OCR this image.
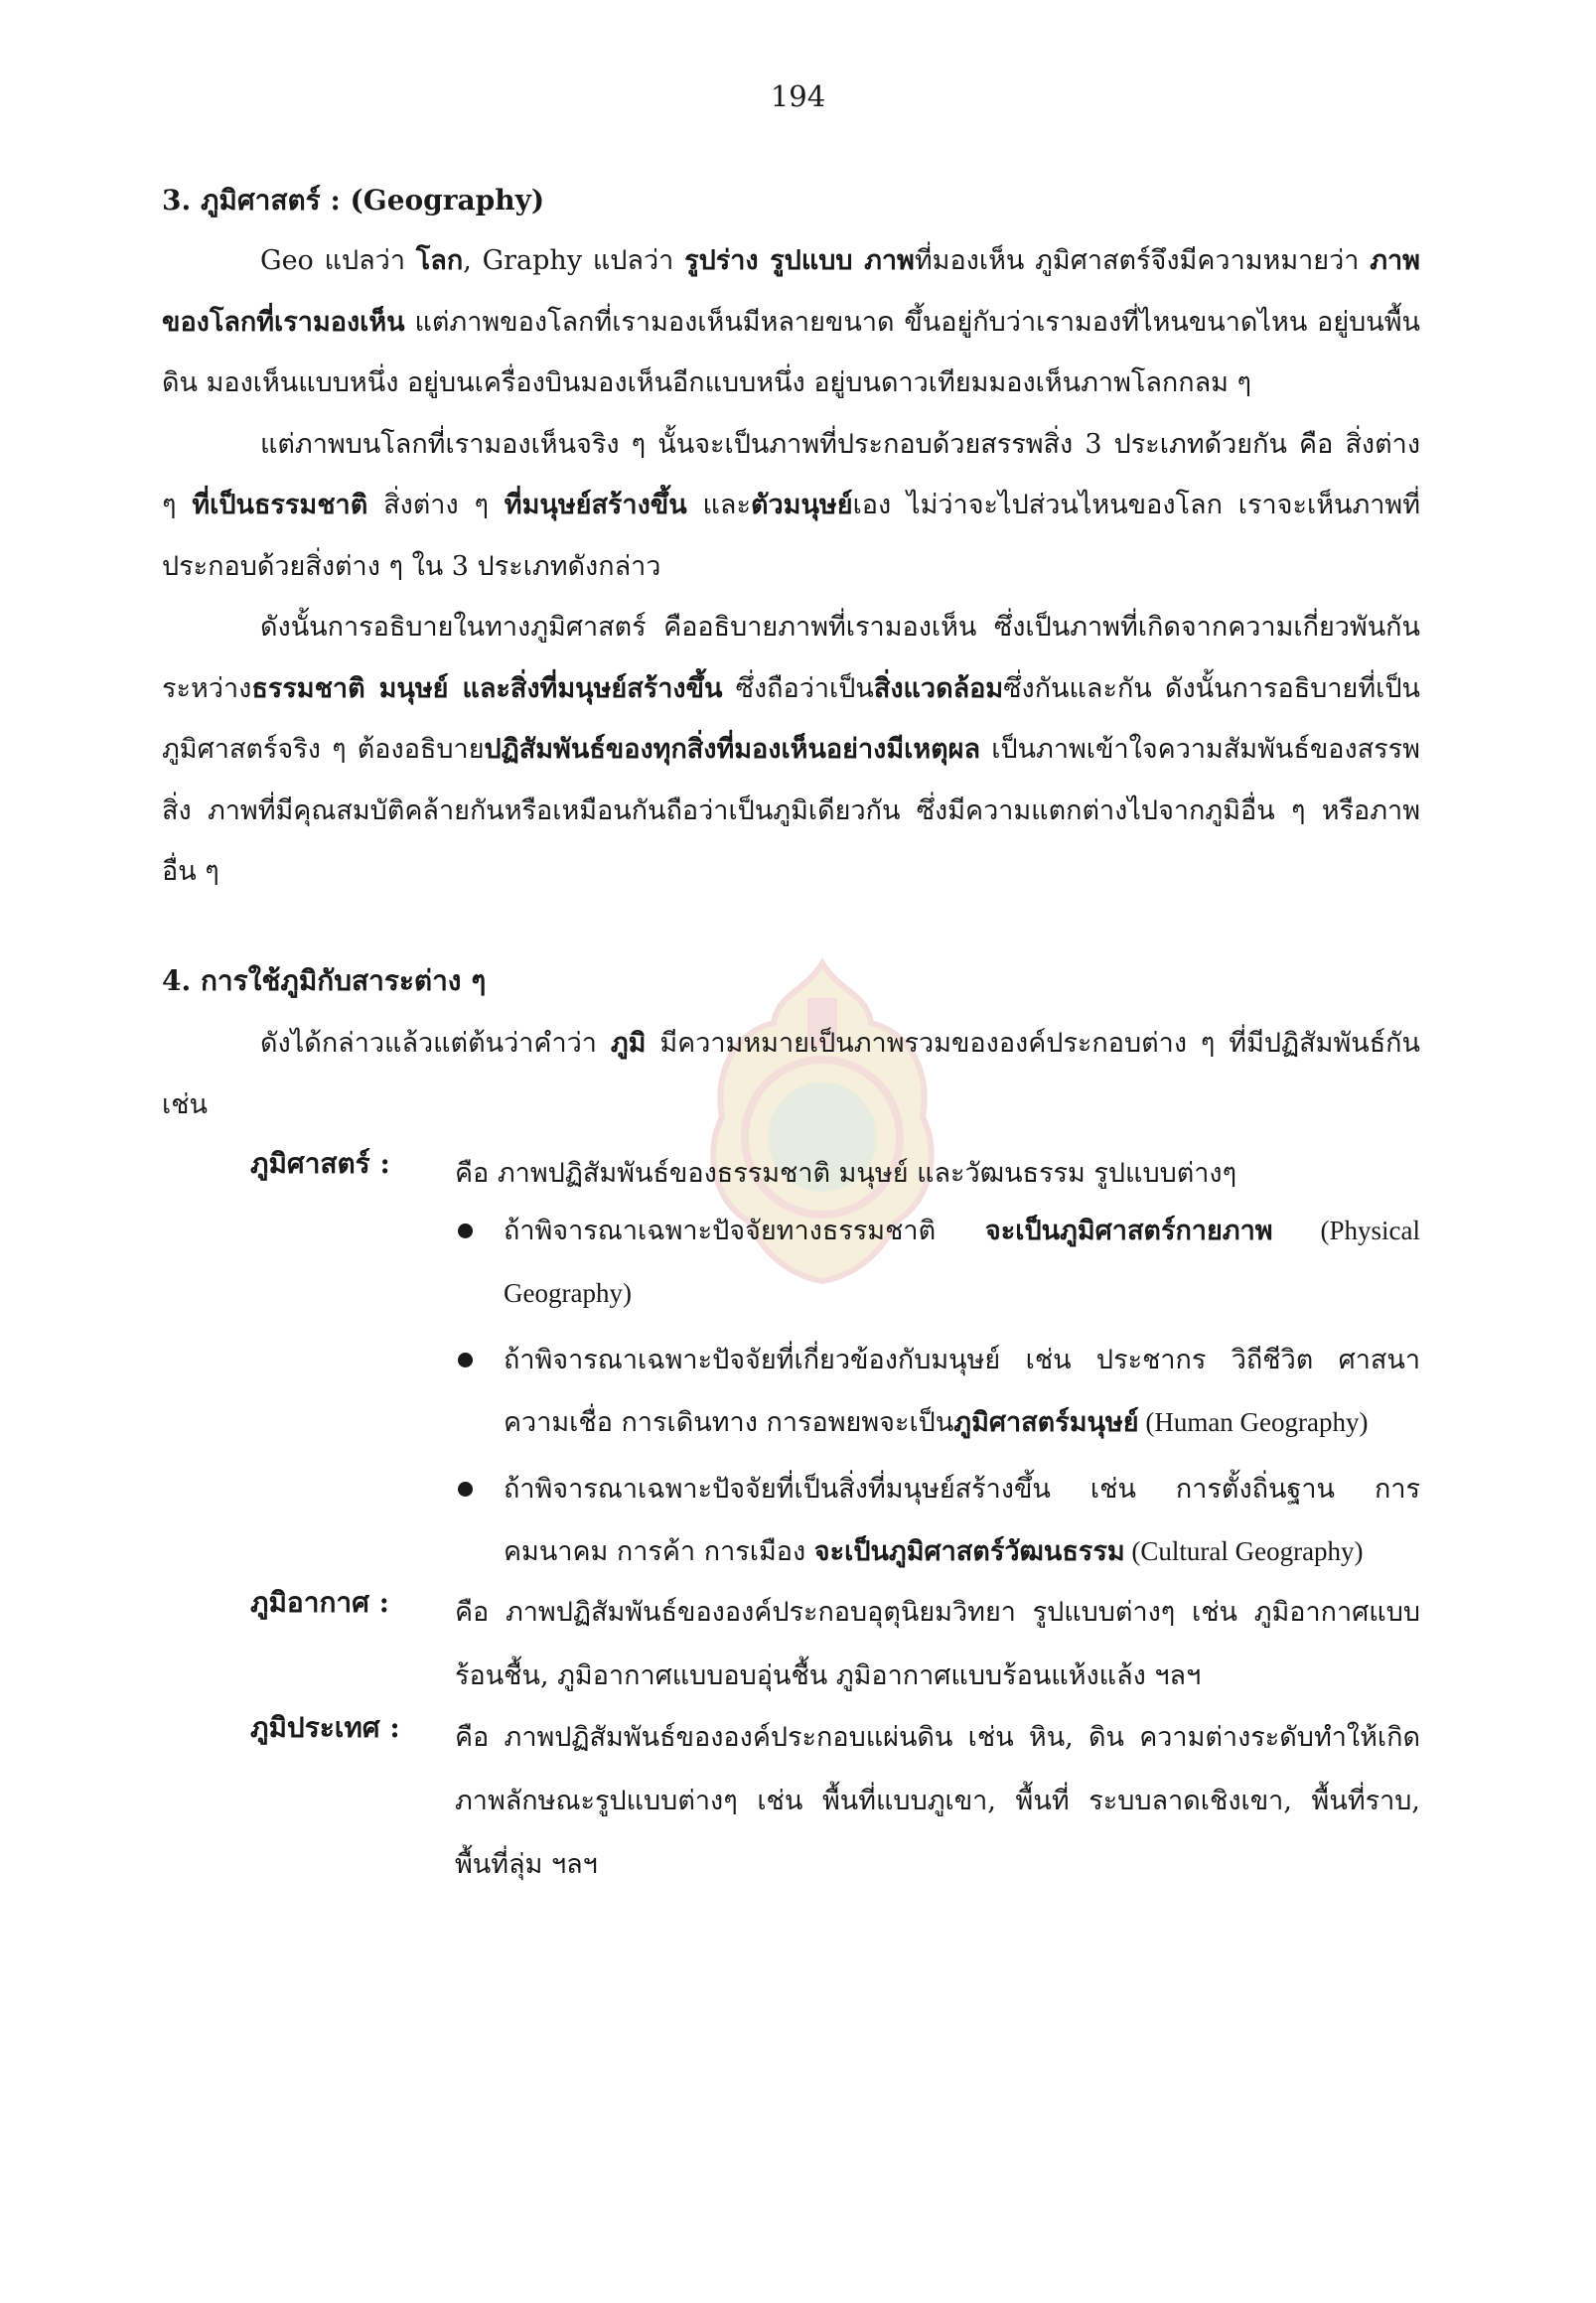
194
3. ภูมิศาสตร์ : (Geography)

Geo แปลว่า โลก, Graphy แปลว่า รูปร่าง รูปแบบ ภาพที่มองเห็น ภูมิศาสตร์จึงมีความหมายว่า ภาพของโลกที่เรามองเห็น แต่ภาพของโลกที่เรามองเห็นมีหลายขนาด ขึ้นอยู่กับว่าเรามองที่ไหนขนาดไหน อยู่บนพื้นดิน มองเห็นแบบหนึ่ง อยู่บนเครื่องบินมองเห็นอีกแบบหนึ่ง อยู่บนดาวเทียมมองเห็นภาพโลกกลม ๆ

แต่ภาพบนโลกที่เรามองเห็นจริง ๆ นั้นจะเป็นภาพที่ประกอบด้วยสรรพสิ่ง 3 ประเภทด้วยกัน คือ สิ่งต่าง ๆ ที่เป็นธรรมชาติ สิ่งต่าง ๆ ที่มนุษย์สร้างขึ้น และตัวมนุษย์เอง ไม่ว่าจะไปส่วนไหนของโลก เราจะเห็นภาพที่ประกอบด้วยสิ่งต่าง ๆ ใน 3 ประเภทดังกล่าว

ดังนั้นการอธิบายในทางภูมิศาสตร์ คืออธิบายภาพที่เรามองเห็น ซึ่งเป็นภาพที่เกิดจากความเกี่ยวพันกันระหว่างธรรมชาติ มนุษย์ และสิ่งที่มนุษย์สร้างขึ้น ซึ่งถือว่าเป็นสิ่งแวดล้อมซึ่งกันและกัน ดังนั้นการอธิบายที่เป็นภูมิศาสตร์จริง ๆ ต้องอธิบายปฏิสัมพันธ์ของทุกสิ่งที่มองเห็นอย่างมีเหตุผล เป็นภาพเข้าใจความสัมพันธ์ของสรรพสิ่ง ภาพที่มีคุณสมบัติคล้ายกันหรือเหมือนกันถือว่าเป็นภูมิเดียวกัน ซึ่งมีความแตกต่างไปจากภูมิอื่น ๆ หรือภาพอื่น ๆ

4. การใช้ภูมิกับสาระต่าง ๆ

ดังได้กล่าวแล้วแต่ต้นว่าคำว่า ภูมิ มีความหมายเป็นภาพรวมขององค์ประกอบต่าง ๆ ที่มีปฏิสัมพันธ์กัน เช่น

ภูมิศาสตร์ : คือ ภาพปฏิสัมพันธ์ของธรรมชาติ มนุษย์ และวัฒนธรรม รูปแบบต่างๆ
ถ้าพิจารณาเฉพาะปัจจัยทางธรรมชาติ จะเป็นภูมิศาสตร์กายภาพ (Physical Geography)
ถ้าพิจารณาเฉพาะปัจจัยที่เกี่ยวข้องกับมนุษย์ เช่น ประชากร วิถีชีวิต ศาสนา ความเชื่อ การเดินทาง การอพยพจะเป็นภูมิศาสตร์มนุษย์ (Human Geography)
ถ้าพิจารณาเฉพาะปัจจัยที่เป็นสิ่งที่มนุษย์สร้างขึ้น เช่น การตั้งถิ่นฐาน การคมนาคม การค้า การเมือง จะเป็นภูมิศาสตร์วัฒนธรรม (Cultural Geography)
ภูมิอากาศ : คือ ภาพปฏิสัมพันธ์ขององค์ประกอบอุตุนิยมวิทยา รูปแบบต่างๆ เช่น ภูมิอากาศแบบร้อนชื้น, ภูมิอากาศแบบอบอุ่นชื้น ภูมิอากาศแบบร้อนแห้งแล้ง ฯลฯ
ภูมิประเทศ : คือ ภาพปฏิสัมพันธ์ขององค์ประกอบแผ่นดิน เช่น หิน, ดิน ความต่างระดับทำให้เกิดภาพลักษณะรูปแบบต่างๆ เช่น พื้นที่แบบภูเขา, พื้นที่ ระบบลาดเชิงเขา, พื้นที่ราบ, พื้นที่ลุ่ม ฯลฯ
